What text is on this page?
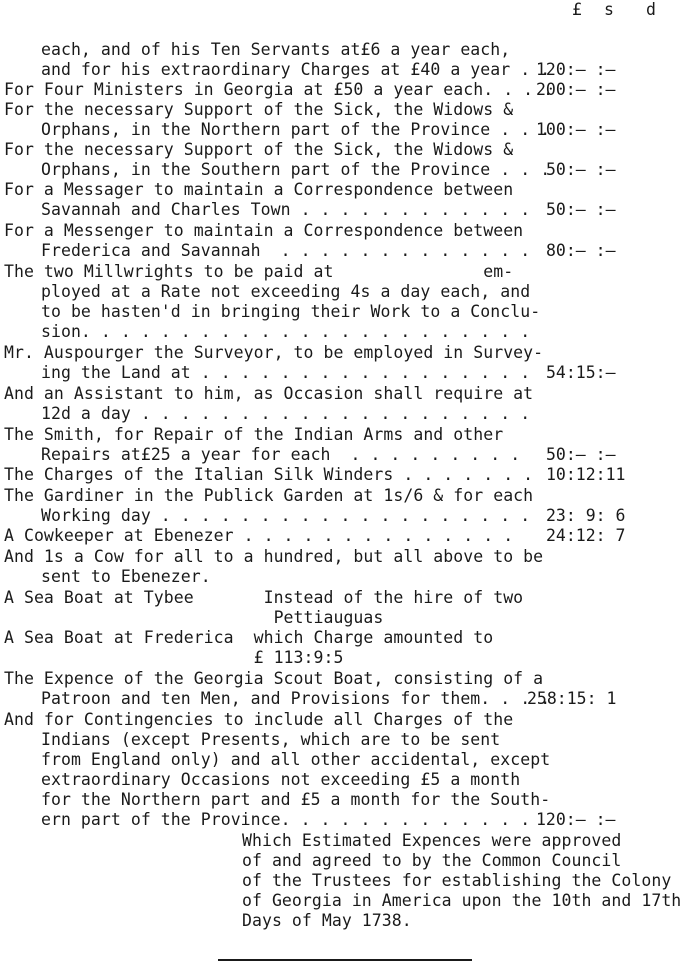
£ s d
each, and of his Ten Servants at£6 a year each,
and for his extraordinary Charges at £40 a year . .
120:– :–
For Four Ministers in Georgia at £50 a year each. . . .
200:– :–
For the necessary Support of the Sick, the Widows &
Orphans, in the Northern part of the Province . . .
100:– :–
For the necessary Support of the Sick, the Widows &
Orphans, in the Southern part of the Province . . .
50:– :–
For a Messager to maintain a Correspondence between
Savannah and Charles Town . . . . . . . . . . . . 50:– :–
For a Messenger to maintain a Correspondence between
Frederica and Savannah  . . . . . . . . . . . . . 80:– :–
The two Millwrights to be paid at               em-
ployed at a Rate not exceeding 4s a day each, and
to be hasten'd in bringing their Work to a Conclu-
sion. . . . . . . . . . . . . . . . . . . . . . .
Mr. Auspourger the Surveyor, to be employed in Survey-
ing the Land at . . . . . . . . . . . . . . . . . 54:15:–
And an Assistant to him, as Occasion shall require at
12d a day . . . . . . . . . . . . . . . . . . . .
The Smith, for Repair of the Indian Arms and other
Repairs at£25 a year for each  . . . . . . . . . 50:– :–
The Charges of the Italian Silk Winders . . . . . . . 10:12:11
The Gardiner in the Publick Garden at 1s/6 & for each
Working day . . . . . . . . . . . . . . . . . . . 23: 9: 6
A Cowkeeper at Ebenezer . . . . . . . . . . . . . . 24:12: 7
And 1s a Cow for all to a hundred, but all above to be
sent to Ebenezer.
A Sea Boat at Tybee       Instead of the hire of two
Pettiauguas
A Sea Boat at Frederica  which Charge amounted to
£ 113:9:5
The Expence of the Georgia Scout Boat, consisting of a
Patroon and ten Men, and Provisions for them. . . .
258:15: 1
And for Contingencies to include all Charges of the
Indians (except Presents, which are to be sent
from England only) and all other accidental, except
extraordinary Occasions not exceeding £5 a month
for the Northern part and £5 a month for the South-
ern part of the Province. . . . . . . . . . . . . 120:– :–
Which Estimated Expences were approved
of and agreed to by the Common Council
of the Trustees for establishing the Colony
of Georgia in America upon the 10th and 17th
Days of May 1738.
